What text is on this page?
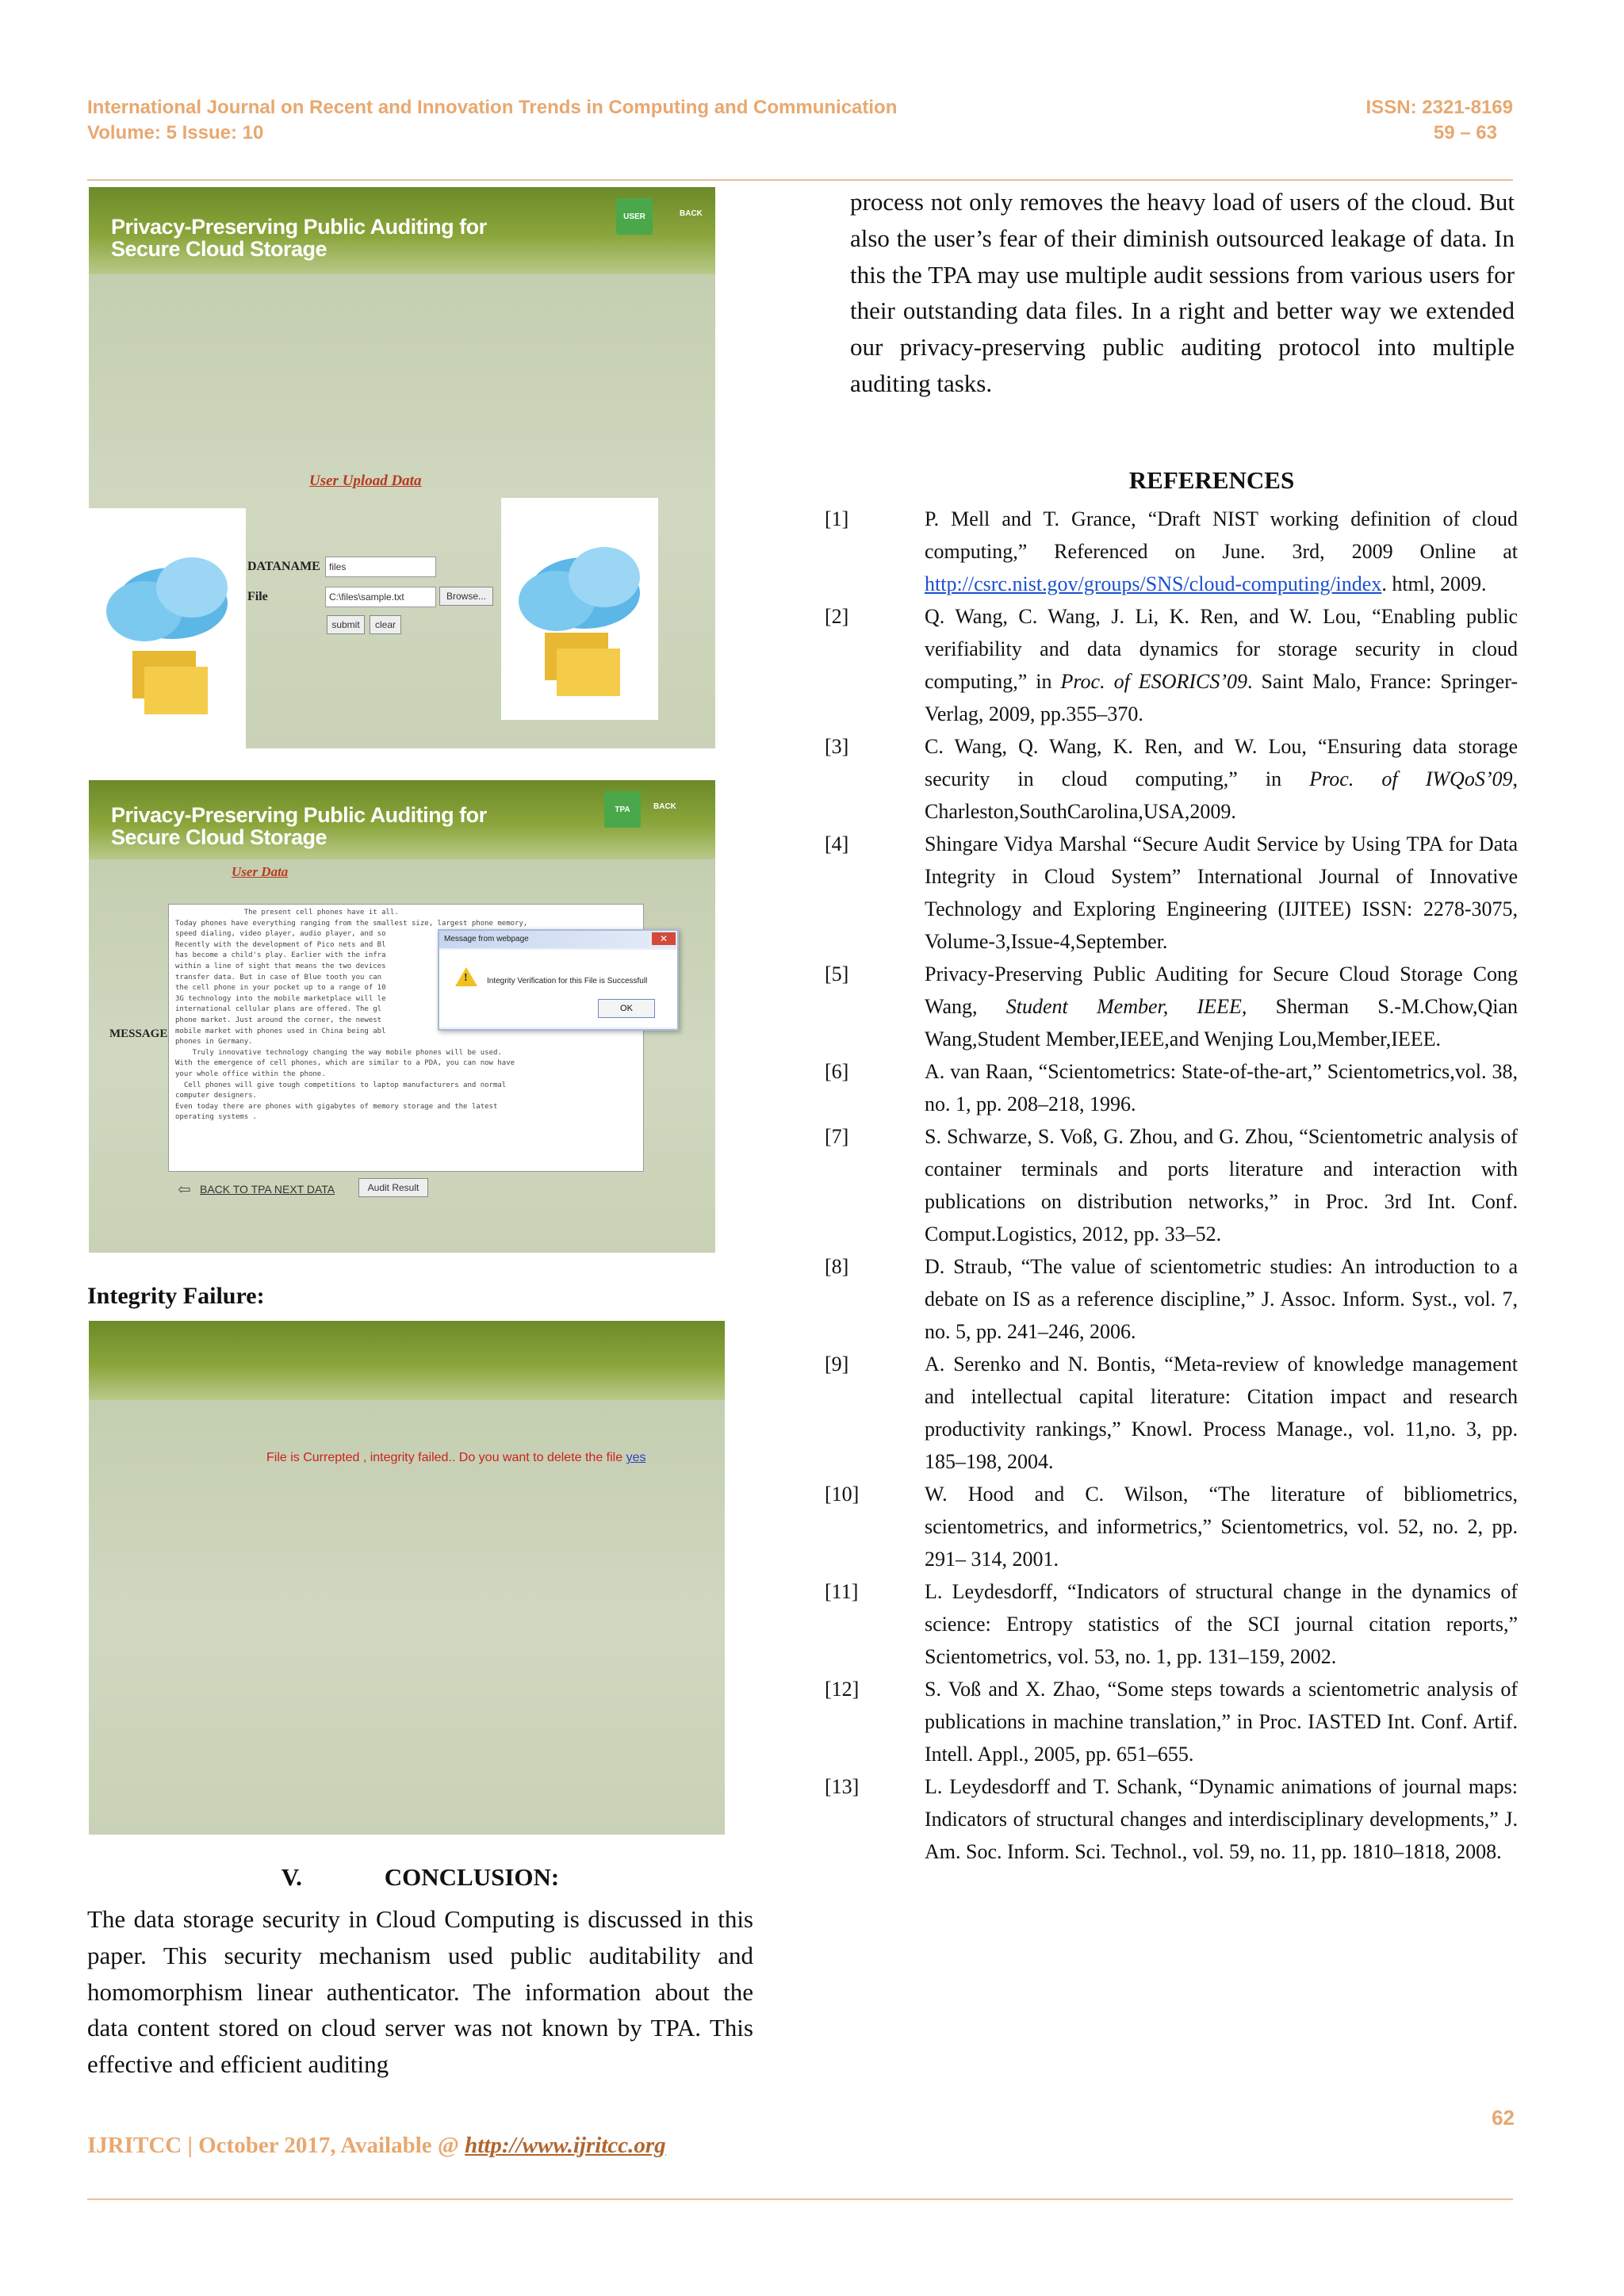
International Journal on Recent and Innovation Trends in Computing and Communication
Volume: 5 Issue: 10
ISSN: 2321-8169
59 – 63
Privacy-Preserving Public Auditing for
Secure Cloud Storage
USER	BACK
User Upload Data
DATANAME
files
File
C:\files\sample.txt	Browse...
submit	clear
Privacy-Preserving Public Auditing for
Secure Cloud Storage
TPA	BACK
User Data
MESSAGE
The present cell phones have it all.
Today phones have everything ranging from the smallest size, largest phone memory,
speed dialing, video player, audio player, and so
Recently with the development of Pico nets and Bl
has become a child's play. Earlier with the infra
within a line of sight that means the two devices
transfer data. But in case of Blue tooth you can
the cell phone in your pocket up to a range of 10
3G technology into the mobile marketplace will le
international cellular plans are offered. The gl
phone market. Just around the corner, the newest
mobile market with phones used in China being abl
phones in Germany.
Truly innovative technology changing the way mobile phones will be used.
With the emergence of cell phones, which are similar to a PDA, you can now have
your whole office within the phone.
Cell phones will give tough competitions to laptop manufacturers and normal
computer designers.
Even today there are phones with gigabytes of memory storage and the latest
operating systems .
Message from webpage	✕
! Integrity Verification for this File is Successfull
OK
⇦ BACK TO TPA NEXT DATA	Audit Result
Integrity Failure:
File is Currepted , integrity failed.. Do you want to delete the file yes
V.	CONCLUSION:
The data storage security in Cloud Computing is discussed in this paper. This security mechanism used public auditability and homomorphism linear authenticator. The information about the data content stored on cloud server was not known by TPA. This effective and efficient auditing
process not only removes the heavy load of users of the cloud. But also the user’s fear of their diminish outsourced leakage of data. In this the TPA may use multiple audit sessions from various users for their outstanding data files. In a right and better way we extended our privacy-preserving public auditing protocol into multiple auditing tasks.
REFERENCES

[1]	P. Mell and T. Grance, “Draft NIST working definition of cloud computing,” Referenced on June. 3rd, 2009 Online at http://csrc.nist.gov/groups/SNS/cloud-computing/index. html, 2009.

[2]	Q. Wang, C. Wang, J. Li, K. Ren, and W. Lou, “Enabling public verifiability and data dynamics for storage security in cloud computing,” in Proc. of ESORICS’09. Saint Malo, France: Springer-Verlag, 2009, pp.355–370.

[3]	C. Wang, Q. Wang, K. Ren, and W. Lou, “Ensuring data storage security in cloud computing,” in Proc. of IWQoS’09, Charleston,SouthCarolina,USA,2009.

[4]	Shingare Vidya Marshal “Secure Audit Service by Using TPA for Data Integrity in Cloud System” International Journal of Innovative Technology and Exploring Engineering (IJITEE) ISSN: 2278-3075, Volume-3,Issue-4,September.

[5]	Privacy-Preserving Public Auditing for Secure Cloud Storage Cong Wang, Student Member, IEEE, Sherman S.-M.Chow,Qian Wang,Student Member,IEEE,and Wenjing Lou,Member,IEEE.

[6]	A. van Raan, “Scientometrics: State-of-the-art,” Scientometrics,vol. 38, no. 1, pp. 208–218, 1996.

[7]	S. Schwarze, S. Voß, G. Zhou, and G. Zhou, “Scientometric analysis of container terminals and ports literature and interaction with publications on distribution networks,” in Proc. 3rd Int. Conf. Comput.Logistics, 2012, pp. 33–52.

[8]	D. Straub, “The value of scientometric studies: An introduction to a debate on IS as a reference discipline,” J. Assoc. Inform. Syst., vol. 7, no. 5, pp. 241–246, 2006.

[9]	A. Serenko and N. Bontis, “Meta-review of knowledge management and intellectual capital literature: Citation impact and research productivity rankings,” Knowl. Process Manage., vol. 11,no. 3, pp. 185–198, 2004.

[10]	W. Hood and C. Wilson, “The literature of bibliometrics, scientometrics, and informetrics,” Scientometrics, vol. 52, no. 2, pp. 291– 314, 2001.

[11]	L. Leydesdorff, “Indicators of structural change in the dynamics of science: Entropy statistics of the SCI journal citation reports,” Scientometrics, vol. 53, no. 1, pp. 131–159, 2002.

[12]	S. Voß and X. Zhao, “Some steps towards a scientometric analysis of publications in machine translation,” in Proc. IASTED Int. Conf. Artif. Intell. Appl., 2005, pp. 651–655.

[13]	L. Leydesdorff and T. Schank, “Dynamic animations of journal maps: Indicators of structural changes and interdisciplinary developments,” J. Am. Soc. Inform. Sci. Technol., vol. 59, no. 11, pp. 1810–1818, 2008.

62
IJRITCC | October 2017, Available @ http://www.ijritcc.org
